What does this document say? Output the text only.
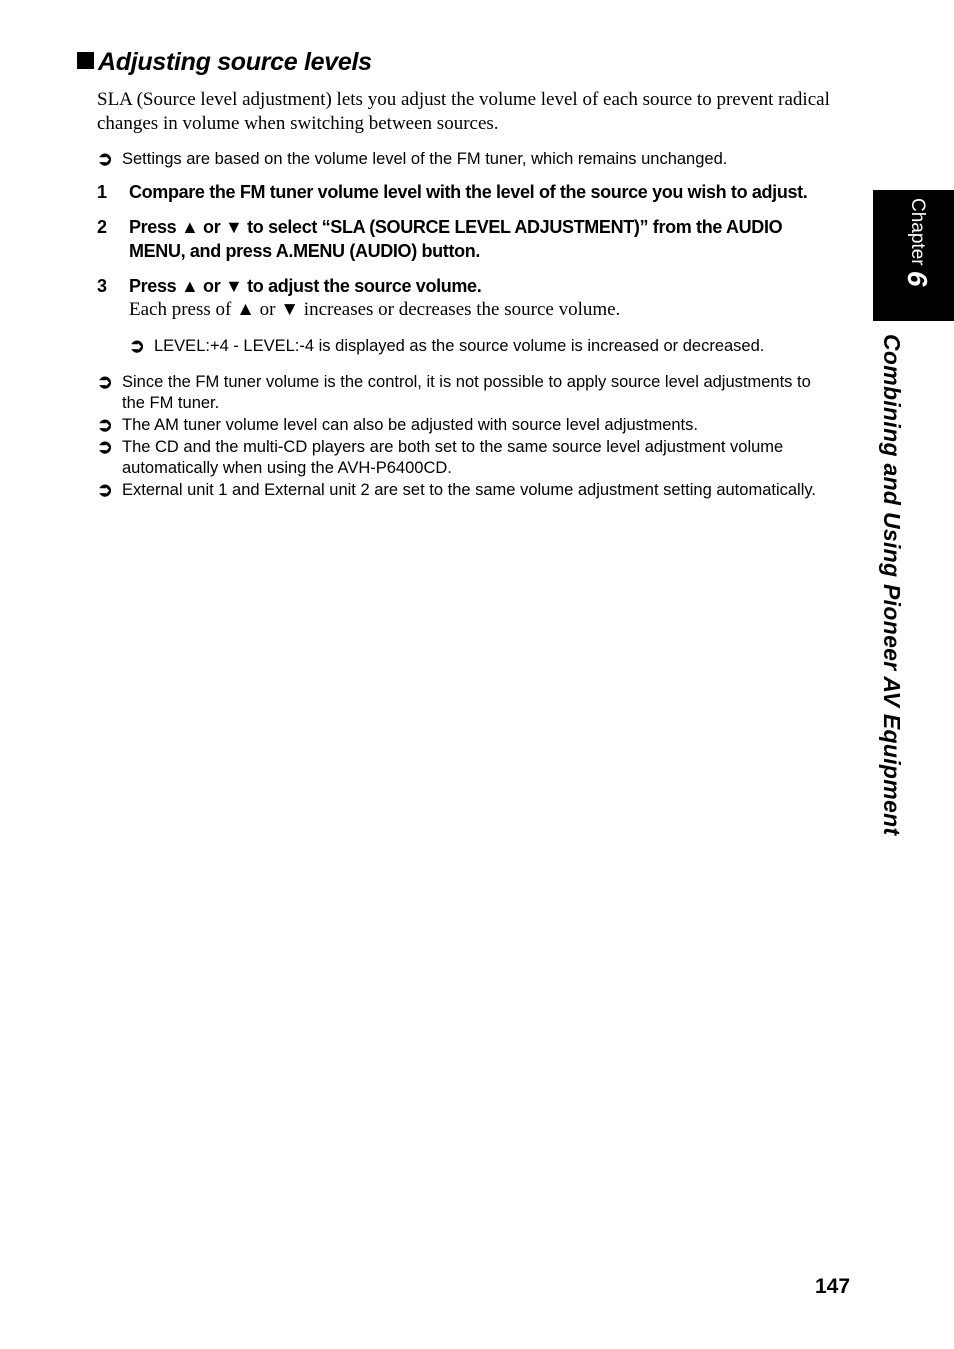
Adjusting source levels
SLA (Source level adjustment) lets you adjust the volume level of each source to prevent radical changes in volume when switching between sources.
➲ Settings are based on the volume level of the FM tuner, which remains unchanged.
1	Compare the FM tuner volume level with the level of the source you wish to adjust.
2	Press ▲ or ▼ to select “SLA (SOURCE LEVEL ADJUSTMENT)” from the AUDIO MENU, and press A.MENU (AUDIO) button.
3	Press ▲ or ▼ to adjust the source volume.
Each press of ▲ or ▼ increases or decreases the source volume.
➲ LEVEL:+4 - LEVEL:-4 is displayed as the source volume is increased or decreased.
➲ Since the FM tuner volume is the control, it is not possible to apply source level adjustments to the FM tuner.
➲ The AM tuner volume level can also be adjusted with source level adjustments.
➲ The CD and the multi-CD players are both set to the same source level adjustment volume automatically when using the AVH-P6400CD.
➲ External unit 1 and External unit 2 are set to the same volume adjustment setting automatically.
Chapter 6
Combining and Using Pioneer AV Equipment
147
